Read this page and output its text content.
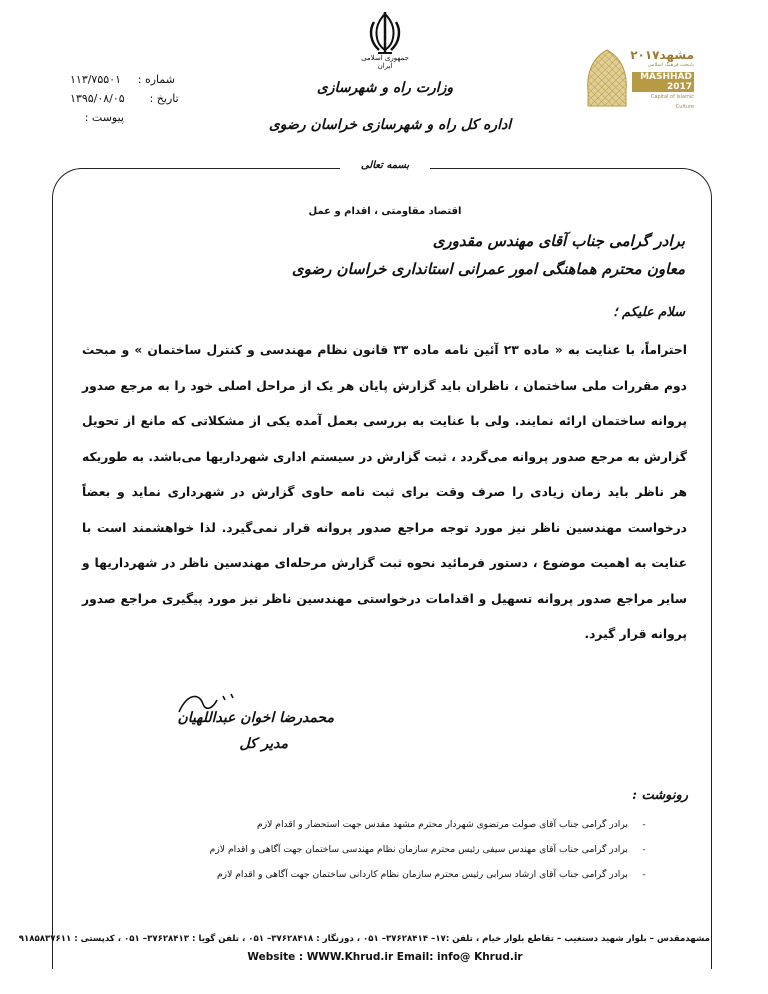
جمهوری اسلامی ایران
وزارت راه و شهرسازی
اداره کل راه و شهرسازی خراسان رضوی
شماره :
۱۱۳/۷۵۵۰۱
تاریخ :
۱۳۹۵/۰۸/۰۵
پیوست :
مشهد۲۰۱۷
پایتخت فرهنگ اسلامی
MASHHAD 2017
Capital of Islamic Culture
بسمه تعالی
اقتصاد مقاومتی ، اقدام و عمل
برادر گرامی جناب آقای مهندس مقدوری
معاون محترم هماهنگی امور عمرانی استانداری خراسان رضوی
سلام علیکم ؛

احتراماً، با عنایت به « ماده ۲۳ آئین نامه ماده ۳۳ قانون نظام مهندسی و کنترل ساختمان » و مبحث دوم مقررات ملی ساختمان ، ناظران باید گزارش پایان هر یک از مراحل اصلی خود را به مرجع صدور پروانه ساختمان ارائه نمایند. ولی با عنایت به بررسی بعمل آمده یکی از مشکلاتی که مانع از تحویل گزارش به مرجع صدور پروانه می‌گردد ، ثبت گزارش در سیستم اداری شهرداریها می‌باشد. به طوریکه هر ناظر باید زمان زیادی را صرف وقت برای ثبت نامه حاوی گزارش در شهرداری نماید و بعضاً درخواست مهندسین ناظر نیز مورد توجه مراجع صدور پروانه قرار نمی‌گیرد. لذا خواهشمند است با عنایت به اهمیت موضوع ، دستور فرمائید نحوه ثبت گزارش مرحله‌ای مهندسین ناظر در شهرداریها و سایر مراجع صدور پروانه تسهیل و اقدامات درخواستی مهندسین ناظر نیز مورد پیگیری مراجع صدور پروانه قرار گیرد.

محمدرضا اخوان عبداللهیان
مدیر کل
رونوشت :
-
برادر گرامی جناب آقای صولت مرتضوی شهردار محترم مشهد مقدس جهت استحضار و اقدام لازم
-
برادر گرامی جناب آقای مهندس سیفی رئیس محترم سازمان نظام مهندسی ساختمان جهت آگاهی و اقدام لازم
-
برادر گرامی جناب آقای ارشاد سرابی رئیس محترم سازمان نظام کاردانی ساختمان جهت آگاهی و اقدام لازم
مشهدمقدس – بلوار شهید دستغیب – تقاطع بلوار خیام ، تلفن :۱۷– ۳۷۶۲۸۴۱۴– ۰۵۱ ، دورنگار : ۳۷۶۲۸۴۱۸– ۰۵۱ ، تلفن گویا : ۳۷۶۲۸۴۱۳– ۰۵۱ ، کدپستی : ۹۱۸۵۸۳۷۶۱۱
Website : WWW.Khrud.ir Email: info@ Khrud.ir
